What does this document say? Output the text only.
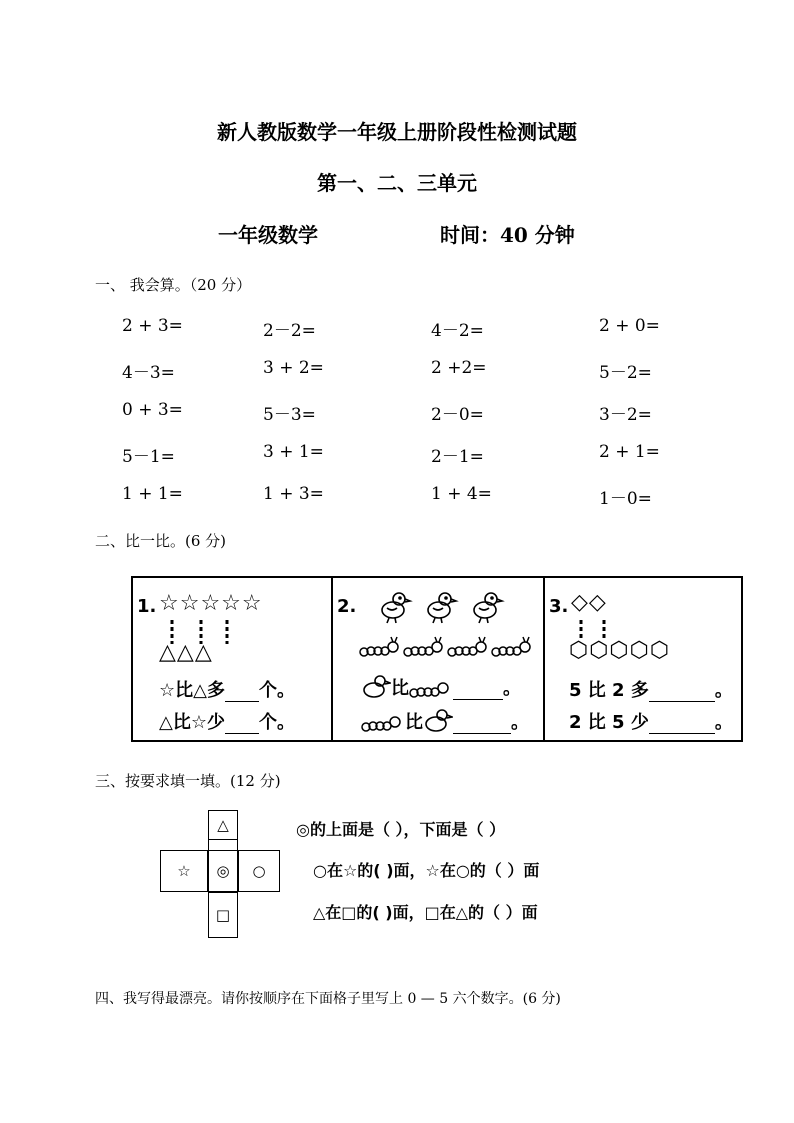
新人教版数学一年级上册阶段性检测试题
第一、二、三单元
一年级数学	时间：40 分钟
一、 我会算。（20 分）
2 + 3=	2－2=	4－2=	2 + 0=
4－3=	3 + 2=	2 +2=	5－2=
0 + 3=	5－3=	2－0=	3－2=
5－1=	3 + 1=	2－1=	2 + 1=
1 + 1=	1 + 3=	1 + 4=	1－0=
二、比一比。(6 分)
1. ☆☆☆☆☆
△△△
☆比△多 个。
△比☆少 个。
2.
比	。
比	。
3. ◇◇
⬡⬡⬡⬡⬡
5 比 2 多	。
2 比 5 少	。
三、按要求填一填。(12 分)
△
☆	◎	○
□
◎的上面是（ ），下面是（ ）
○在☆的( )面，☆在○的（ ）面
△在□的( )面，□在△的（ ）面
四、我写得最漂亮。请你按顺序在下面格子里写上 0 — 5 六个数字。(6 分)
